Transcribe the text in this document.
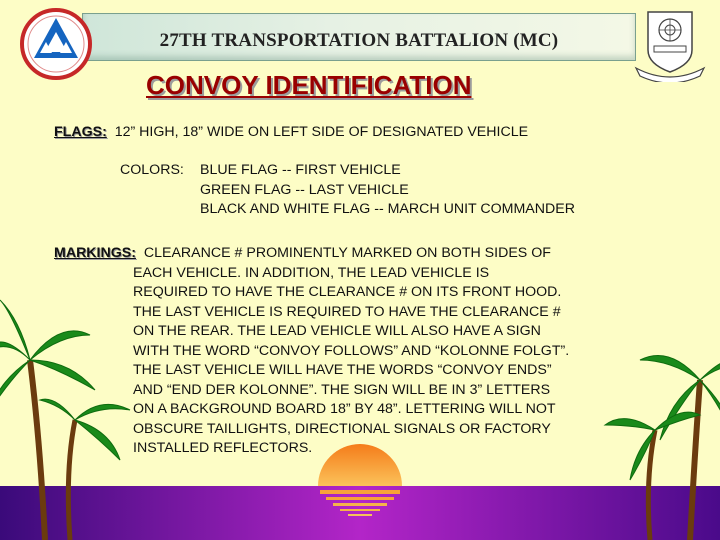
27TH TRANSPORTATION BATTALION (MC)
CONVOY IDENTIFICATION
FLAGS: 12” HIGH, 18” WIDE ON LEFT SIDE OF DESIGNATED VEHICLE
COLORS: BLUE FLAG -- FIRST VEHICLE
GREEN FLAG -- LAST VEHICLE
BLACK AND WHITE FLAG -- MARCH UNIT COMMANDER
MARKINGS: CLEARANCE # PROMINENTLY MARKED ON BOTH SIDES OF
EACH VEHICLE. IN ADDITION, THE LEAD VEHICLE IS
REQUIRED TO HAVE THE CLEARANCE # ON ITS FRONT HOOD.
THE LAST VEHICLE IS REQUIRED TO HAVE THE CLEARANCE #
ON THE REAR. THE LEAD VEHICLE WILL ALSO HAVE A SIGN
WITH THE WORD “CONVOY FOLLOWS” AND “KOLONNE FOLGT”.
THE LAST VEHICLE WILL HAVE THE WORDS “CONVOY ENDS”
AND “END DER KOLONNE”. THE SIGN WILL BE IN 3” LETTERS
ON A BACKGROUND BOARD 18” BY 48”. LETTERING WILL NOT
OBSCURE TAILLIGHTS, DIRECTIONAL SIGNALS OR FACTORY
INSTALLED REFLECTORS.
